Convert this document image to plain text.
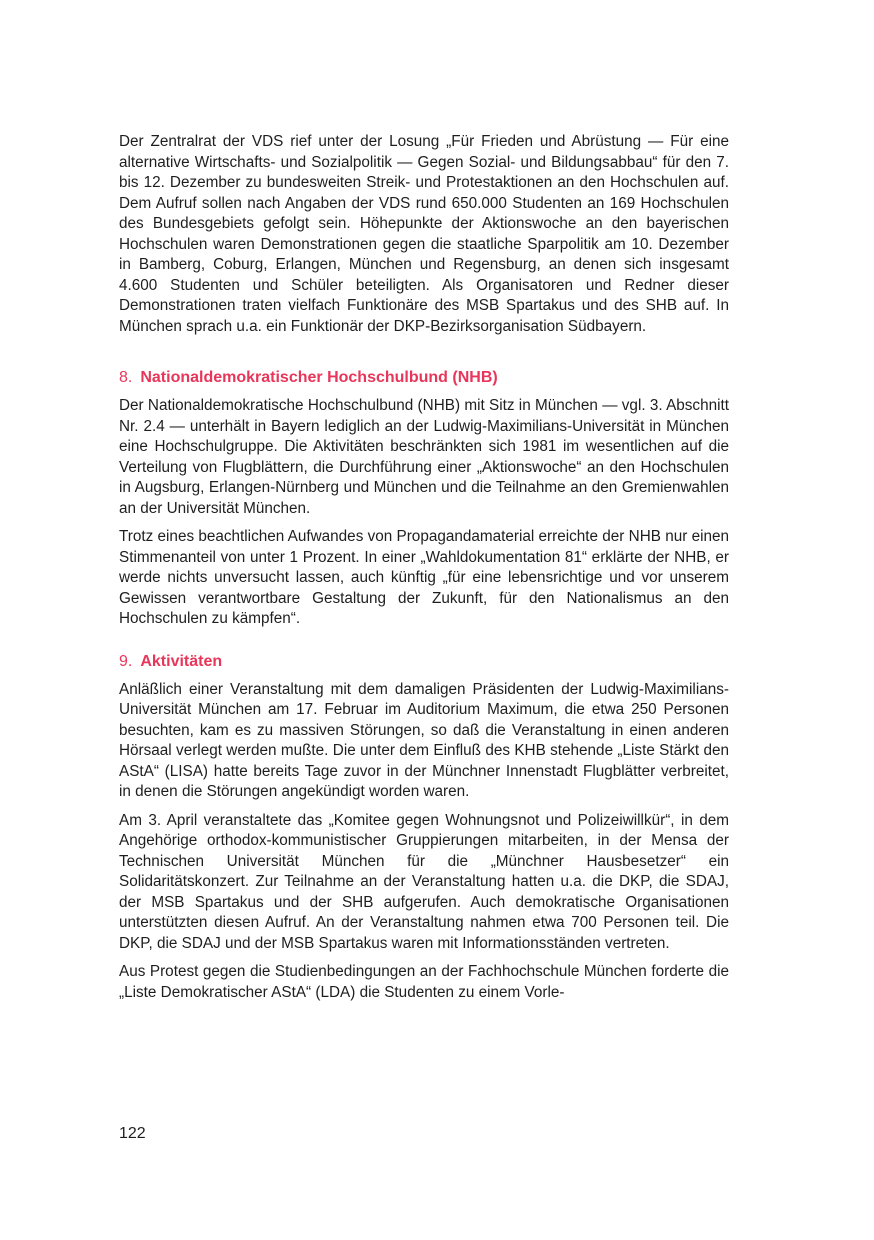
Der Zentralrat der VDS rief unter der Losung „Für Frieden und Abrüstung — Für eine alternative Wirtschafts- und Sozialpolitik — Gegen Sozial- und Bildungsabbau“ für den 7. bis 12. Dezember zu bundesweiten Streik- und Protestaktionen an den Hochschulen auf. Dem Aufruf sollen nach Angaben der VDS rund 650.000 Studenten an 169 Hochschulen des Bundesgebiets gefolgt sein. Höhepunkte der Aktionswoche an den bayerischen Hochschulen waren Demonstrationen gegen die staatliche Sparpolitik am 10. Dezember in Bamberg, Coburg, Erlangen, München und Regensburg, an denen sich insgesamt 4.600 Studenten und Schüler beteiligten. Als Organisatoren und Redner dieser Demonstrationen traten vielfach Funktionäre des MSB Spartakus und des SHB auf. In München sprach u.a. ein Funktionär der DKP-Bezirksorganisation Südbayern.

8. Nationaldemokratischer Hochschulbund (NHB)

Der Nationaldemokratische Hochschulbund (NHB) mit Sitz in München — vgl. 3. Abschnitt Nr. 2.4 — unterhält in Bayern lediglich an der Ludwig-Maximilians-Universität in München eine Hochschulgruppe. Die Aktivitäten beschränkten sich 1981 im wesentlichen auf die Verteilung von Flugblättern, die Durchführung einer „Aktionswoche“ an den Hochschulen in Augsburg, Erlangen-Nürnberg und München und die Teilnahme an den Gremienwahlen an der Universität München.

Trotz eines beachtlichen Aufwandes von Propagandamaterial erreichte der NHB nur einen Stimmenanteil von unter 1 Prozent. In einer „Wahldokumentation 81“ erklärte der NHB, er werde nichts unversucht lassen, auch künftig „für eine lebensrichtige und vor unserem Gewissen verantwortbare Gestaltung der Zukunft, für den Nationalismus an den Hochschulen zu kämpfen“.

9. Aktivitäten

Anläßlich einer Veranstaltung mit dem damaligen Präsidenten der Ludwig-Maximilians-Universität München am 17. Februar im Auditorium Maximum, die etwa 250 Personen besuchten, kam es zu massiven Störungen, so daß die Veranstaltung in einen anderen Hörsaal verlegt werden mußte. Die unter dem Einfluß des KHB stehende „Liste Stärkt den AStA“ (LISA) hatte bereits Tage zuvor in der Münchner Innenstadt Flugblätter verbreitet, in denen die Störungen angekündigt worden waren.

Am 3. April veranstaltete das „Komitee gegen Wohnungsnot und Polizeiwillkür“, in dem Angehörige orthodox-kommunistischer Gruppierungen mitarbeiten, in der Mensa der Technischen Universität München für die „Münchner Hausbesetzer“ ein Solidaritätskonzert. Zur Teilnahme an der Veranstaltung hatten u.a. die DKP, die SDAJ, der MSB Spartakus und der SHB aufgerufen. Auch demokratische Organisationen unterstützten diesen Aufruf. An der Veranstaltung nahmen etwa 700 Personen teil. Die DKP, die SDAJ und der MSB Spartakus waren mit Informationsständen vertreten.

Aus Protest gegen die Studienbedingungen an der Fachhochschule München forderte die „Liste Demokratischer AStA“ (LDA) die Studenten zu einem Vorle-

122
